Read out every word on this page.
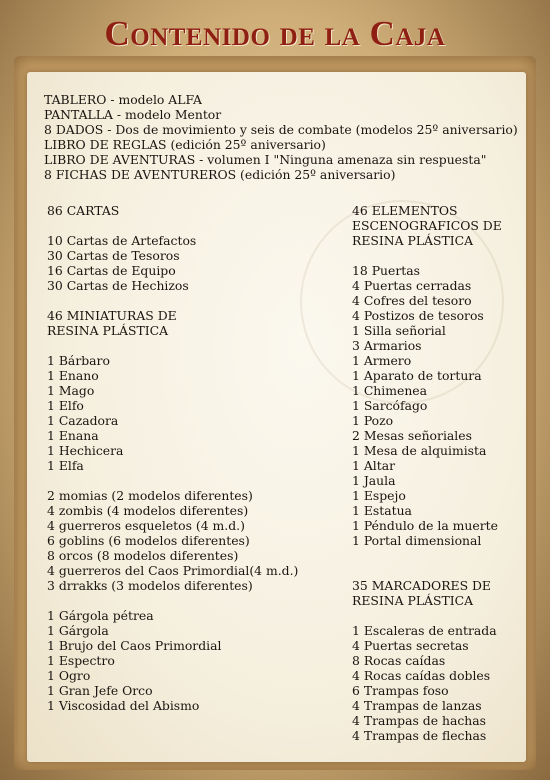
Contenido de la Caja
TABLERO - modelo ALFA
PANTALLA - modelo Mentor
8 DADOS - Dos de movimiento y seis de combate (modelos 25º aniversario)
LIBRO DE REGLAS (edición 25º aniversario)
LIBRO DE AVENTURAS - volumen I "Ninguna amenaza sin respuesta"
8 FICHAS DE AVENTUREROS (edición 25º aniversario)
86 CARTAS
10 Cartas de Artefactos
30 Cartas de Tesoros
16 Cartas de Equipo
30 Cartas de Hechizos
46 MINIATURAS DE
RESINA PLÁSTICA
1 Bárbaro
1 Enano
1 Mago
1 Elfo
1 Cazadora
1 Enana
1 Hechicera
1 Elfa
2 momias (2 modelos diferentes)
4 zombis (4 modelos diferentes)
4 guerreros esqueletos (4 m.d.)
6 goblins (6 modelos diferentes)
8 orcos (8 modelos diferentes)
4 guerreros del Caos Primordial(4 m.d.)
3 drrakks (3 modelos diferentes)
1 Gárgola pétrea
1 Gárgola
1 Brujo del Caos Primordial
1 Espectro
1 Ogro
1 Gran Jefe Orco
1 Viscosidad del Abismo
46 ELEMENTOS
ESCENOGRAFICOS DE
RESINA PLÁSTICA
18 Puertas
4 Puertas cerradas
4 Cofres del tesoro
4 Postizos de tesoros
1 Silla señorial
3 Armarios
1 Armero
1 Aparato de tortura
1 Chimenea
1 Sarcófago
1 Pozo
2 Mesas señoriales
1 Mesa de alquimista
1 Altar
1 Jaula
1 Espejo
1 Estatua
1 Péndulo de la muerte
1 Portal dimensional
35 MARCADORES DE
RESINA PLÁSTICA
1 Escaleras de entrada
4 Puertas secretas
8 Rocas caídas
4 Rocas caídas dobles
6 Trampas foso
4 Trampas de lanzas
4 Trampas de hachas
4 Trampas de flechas
